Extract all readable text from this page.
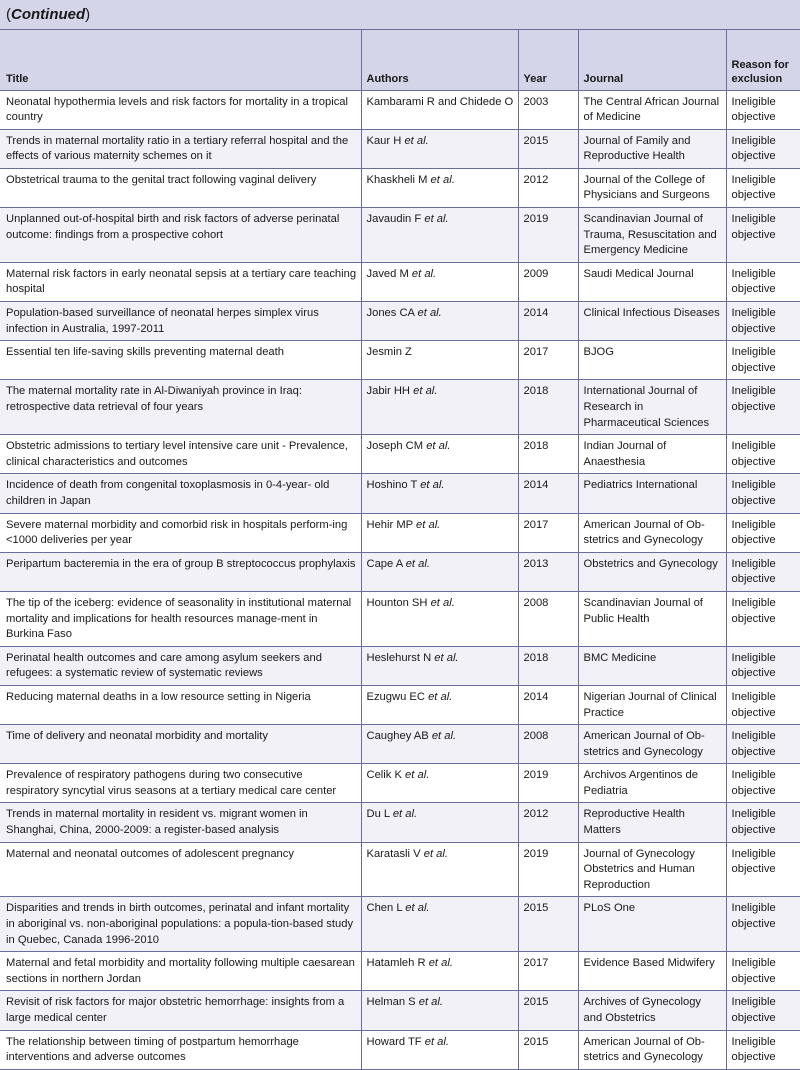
(Continued)
Title	Authors	Year	Journal	Reason for exclusion
Neonatal hypothermia levels and risk factors for mortality in a tropical country	Kambarami R and Chidede O	2003	The Central African Journal of Medicine	Ineligible objective
Trends in maternal mortality ratio in a tertiary referral hospital and the effects of various maternity schemes on it	Kaur H et al.	2015	Journal of Family and Reproductive Health	Ineligible objective
Obstetrical trauma to the genital tract following vaginal delivery	Khaskheli M et al.	2012	Journal of the College of Physicians and Surgeons	Ineligible objective
Unplanned out-of-hospital birth and risk factors of adverse perinatal outcome: findings from a prospective cohort	Javaudin F et al.	2019	Scandinavian Journal of Trauma, Resuscitation and Emergency Medicine	Ineligible objective
Maternal risk factors in early neonatal sepsis at a tertiary care teaching hospital	Javed M et al.	2009	Saudi Medical Journal	Ineligible objective
Population-based surveillance of neonatal herpes simplex virus infection in Australia, 1997-2011	Jones CA et al.	2014	Clinical Infectious Diseases	Ineligible objective
Essential ten life-saving skills preventing maternal death	Jesmin Z	2017	BJOG	Ineligible objective
The maternal mortality rate in Al-Diwaniyah province in Iraq: retrospective data retrieval of four years	Jabir HH et al.	2018	International Journal of Research in Pharmaceutical Sciences	Ineligible objective
Obstetric admissions to tertiary level intensive care unit - Prevalence, clinical characteristics and outcomes	Joseph CM et al.	2018	Indian Journal of Anaesthesia	Ineligible objective
Incidence of death from congenital toxoplasmosis in 0-4-year- old children in Japan	Hoshino T et al.	2014	Pediatrics International	Ineligible objective
Severe maternal morbidity and comorbid risk in hospitals perform-ing <1000 deliveries per year	Hehir MP et al.	2017	American Journal of Ob-stetrics and Gynecology	Ineligible objective
Peripartum bacteremia in the era of group B streptococcus prophylaxis	Cape A et al.	2013	Obstetrics and Gynecology	Ineligible objective
The tip of the iceberg: evidence of seasonality in institutional maternal mortality and implications for health resources manage-ment in Burkina Faso	Hounton SH et al.	2008	Scandinavian Journal of Public Health	Ineligible objective
Perinatal health outcomes and care among asylum seekers and refugees: a systematic review of systematic reviews	Heslehurst N et al.	2018	BMC Medicine	Ineligible objective
Reducing maternal deaths in a low resource setting in Nigeria	Ezugwu EC et al.	2014	Nigerian Journal of Clinical Practice	Ineligible objective
Time of delivery and neonatal morbidity and mortality	Caughey AB et al.	2008	American Journal of Ob-stetrics and Gynecology	Ineligible objective
Prevalence of respiratory pathogens during two consecutive respiratory syncytial virus seasons at a tertiary medical care center	Celik K et al.	2019	Archivos Argentinos de Pediatria	Ineligible objective
Trends in maternal mortality in resident vs. migrant women in Shanghai, China, 2000-2009: a register-based analysis	Du L et al.	2012	Reproductive Health Matters	Ineligible objective
Maternal and neonatal outcomes of adolescent pregnancy	Karatasli V et al.	2019	Journal of Gynecology Obstetrics and Human Reproduction	Ineligible objective
Disparities and trends in birth outcomes, perinatal and infant mortality in aboriginal vs. non-aboriginal populations: a popula-tion-based study in Quebec, Canada 1996-2010	Chen L et al.	2015	PLoS One	Ineligible objective
Maternal and fetal morbidity and mortality following multiple caesarean sections in northern Jordan	Hatamleh R et al.	2017	Evidence Based Midwifery	Ineligible objective
Revisit of risk factors for major obstetric hemorrhage: insights from a large medical center	Helman S et al.	2015	Archives of Gynecology and Obstetrics	Ineligible objective
The relationship between timing of postpartum hemorrhage interventions and adverse outcomes	Howard TF et al.	2015	American Journal of Ob-stetrics and Gynecology	Ineligible objective
